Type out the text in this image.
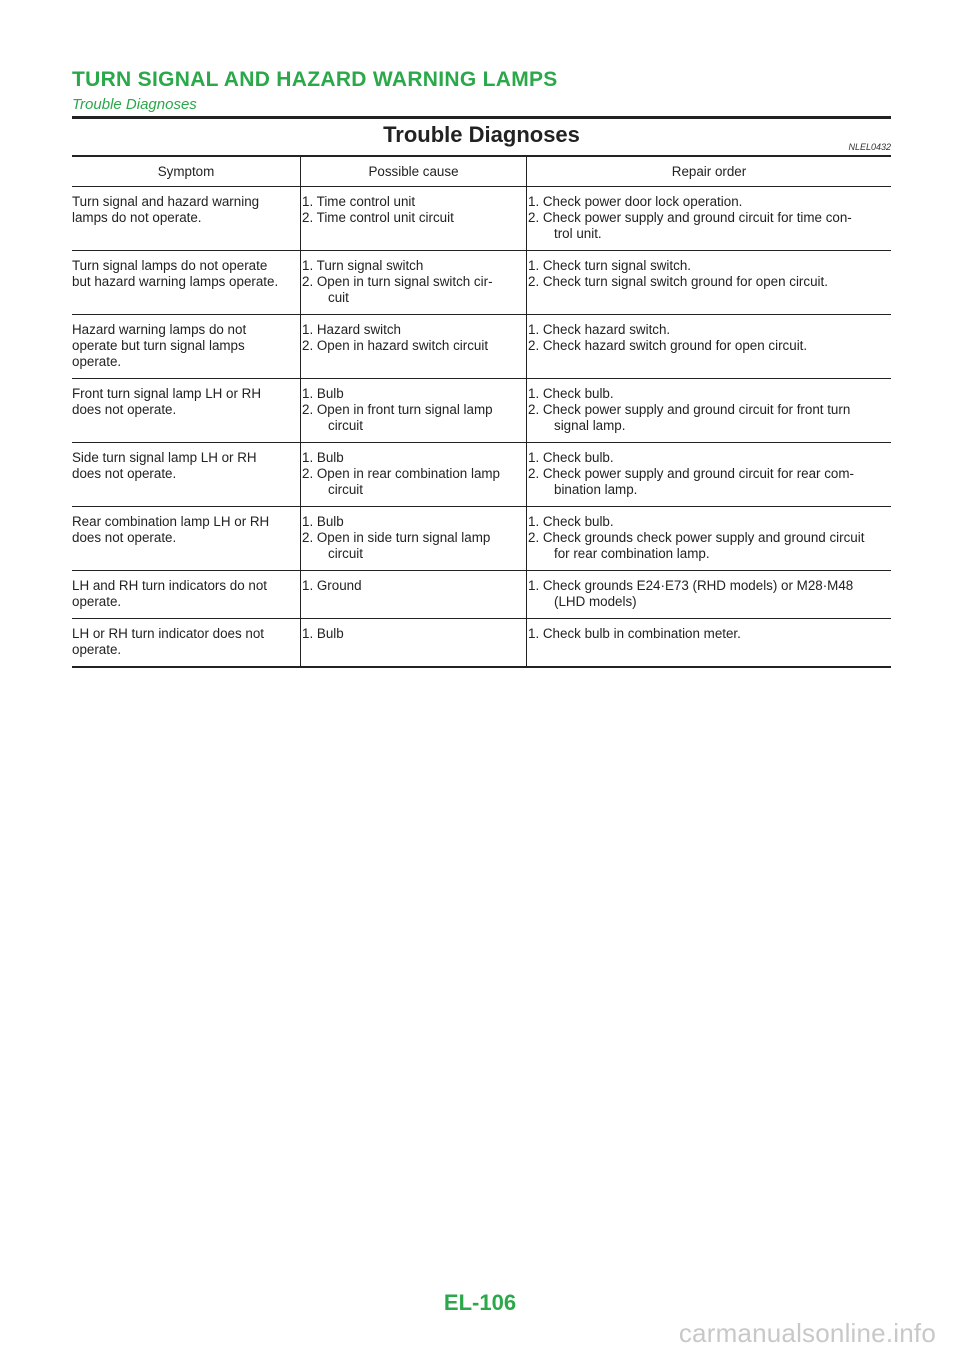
TURN SIGNAL AND HAZARD WARNING LAMPS
Trouble Diagnoses
Trouble Diagnoses	NLEL0432
Symptom	Possible cause	Repair order

Turn signal and hazard warning
lamps do not operate.	1. Time control unit
2. Time control unit circuit	1. Check power door lock operation.
2. Check power supply and ground circuit for time con-
trol unit.

Turn signal lamps do not operate
but hazard warning lamps operate.	1. Turn signal switch
2. Open in turn signal switch cir-
cuit	1. Check turn signal switch.
2. Check turn signal switch ground for open circuit.

Hazard warning lamps do not
operate but turn signal lamps
operate.	1. Hazard switch
2. Open in hazard switch circuit	1. Check hazard switch.
2. Check hazard switch ground for open circuit.

Front turn signal lamp LH or RH
does not operate.	1. Bulb
2. Open in front turn signal lamp
circuit	1. Check bulb.
2. Check power supply and ground circuit for front turn
signal lamp.

Side turn signal lamp LH or RH
does not operate.	1. Bulb
2. Open in rear combination lamp
circuit	1. Check bulb.
2. Check power supply and ground circuit for rear com-
bination lamp.

Rear combination lamp LH or RH
does not operate.	1. Bulb
2. Open in side turn signal lamp
circuit	1. Check bulb.
2. Check grounds check power supply and ground circuit
for rear combination lamp.

LH and RH turn indicators do not
operate.	1. Ground	1. Check grounds E24·E73 (RHD models) or M28·M48
(LHD models)

LH or RH turn indicator does not
operate.	1. Bulb	1. Check bulb in combination meter.
EL-106
carmanualsonline.info
